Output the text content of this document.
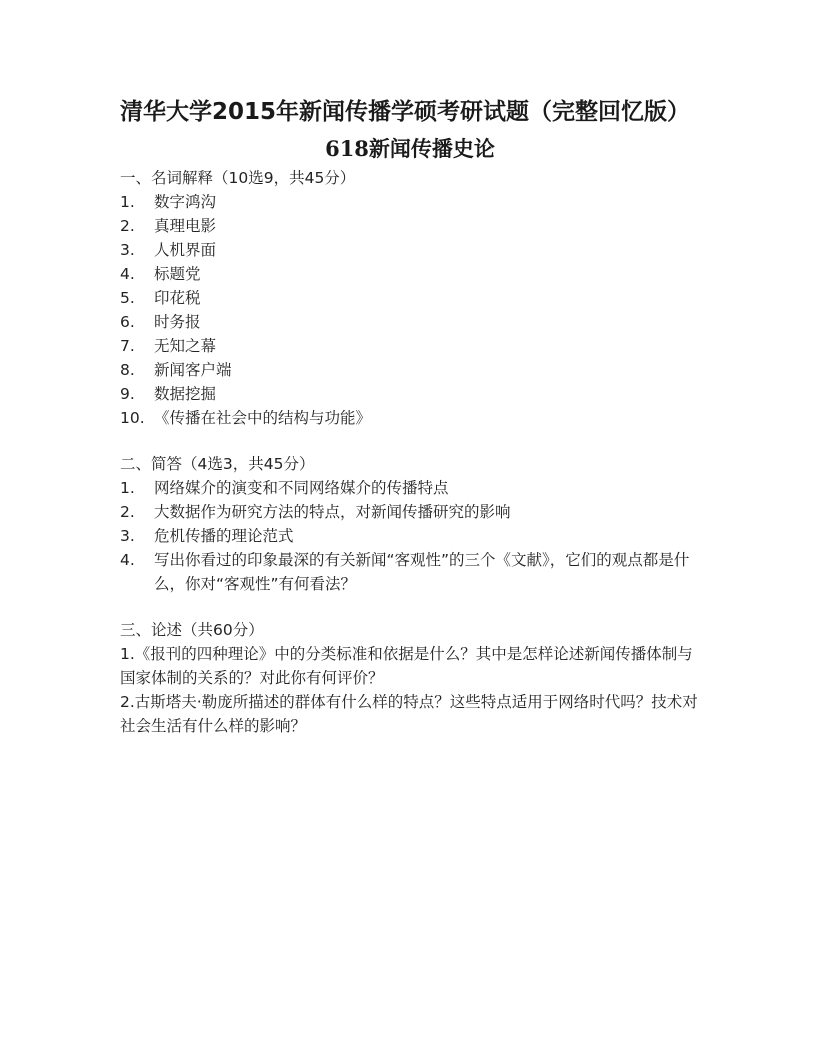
清华大学2015年新闻传播学硕考研试题（完整回忆版）
618新闻传播史论
一、名词解释（10选9，共45分）
1.	数字鸿沟
2.	真理电影
3.	人机界面
4.	标题党
5.	印花税
6.	时务报
7.	无知之幕
8.	新闻客户端
9.	数据挖掘
10. 《传播在社会中的结构与功能》
二、简答（4选3，共45分）
1.	网络媒介的演变和不同网络媒介的传播特点
2.	大数据作为研究方法的特点，对新闻传播研究的影响
3.	危机传播的理论范式
4.	写出你看过的印象最深的有关新闻“客观性”的三个《文献》，它们的观点都是什么，你对“客观性”有何看法？
三、论述（共60分）
1.《报刊的四种理论》中的分类标准和依据是什么？其中是怎样论述新闻传播体制与国家体制的关系的？对此你有何评价？
2.古斯塔夫·勒庞所描述的群体有什么样的特点？这些特点适用于网络时代吗？技术对社会生活有什么样的影响？
